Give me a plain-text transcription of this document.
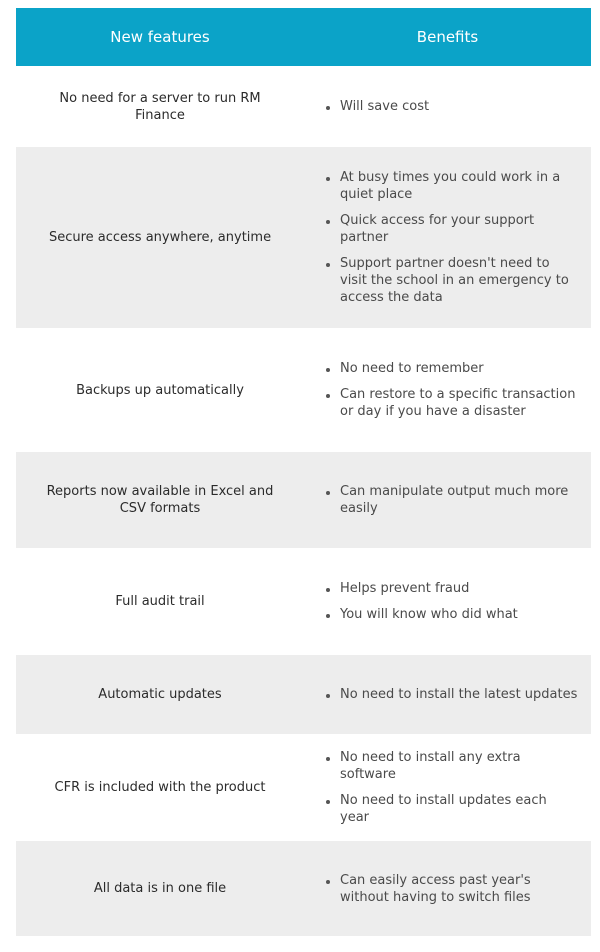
New features	Benefits
No need for a server to run RM Finance
Will save cost
Secure access anywhere, anytime
At busy times you could work in a quiet place
Quick access for your support partner
Support partner doesn't need to visit the school in an emergency to access the data
Backups up automatically
No need to remember
Can restore to a specific transaction or day if you have a disaster
Reports now available in Excel and CSV formats
Can manipulate output much more easily
Full audit trail
Helps prevent fraud
You will know who did what
Automatic updates	No need to install the latest updates
CFR is included with the product
No need to install any extra software
No need to install updates each year
All data is in one file
Can easily access past year's without having to switch files
